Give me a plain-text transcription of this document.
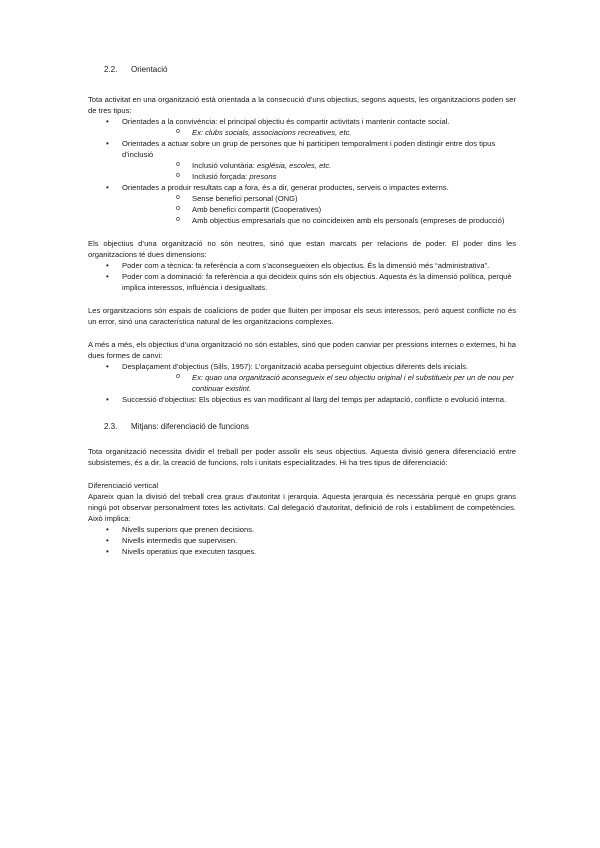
2.2. Orientació

Tota activitat en una organització està orientada a la consecució d’uns objectius, segons aquests, les organitzacions poden ser de tres tipus:

• Orientades a la convivència: el principal objectiu és compartir activitats i mantenir contacte social.
o Ex: clubs socials, associacions recreatives, etc.
• Orientades a actuar sobre un grup de persones que hi participen temporalment i poden distingir entre dos tipus d’inclusió
o Inclusió voluntària: església, escoles, etc.
o Inclusió forçada: presons
• Orientades a produir resultats cap a fora, és a dir, generar productes, serveis o impactes externs.
o Sense benefici personal (ONG)
o Amb benefici compartit (Cooperatives)
o Amb objectius empresarials que no coincideixen amb els personals (empreses de producció)

Els objectius d’una organització no són neutres, sinó que estan marcats per relacions de poder. El poder dins les organitzacions té dues dimensions:

• Poder com a tècnica: fa referència a com s’aconsegueixen els objectius. És la dimensió més “administrativa”.
• Poder com a dominació: fa referència a qui decideix quins són els objectius. Aquesta és la dimensió política, perquè implica interessos, influència i desigualtats.

Les organitzacions són espais de coalicions de poder que lluiten per imposar els seus interessos, però aquest conflicte no és un error, sinó una característica natural de les organitzacions complexes.

A més a més, els objectius d’una organització no són estables, sinó que poden canviar per pressions internes o externes, hi ha dues formes de canvi:

• Desplaçament d’objectius (Sills, 1957): L’organització acaba perseguint objectius diferents dels inicials.
o Ex: quan una organització aconsegueix el seu objectiu original i el substitueix per un de nou per continuar existint.
• Successió d’objectius: Els objectius es van modificant al llarg del temps per adaptació, conflicte o evolució interna.
2.3. Mitjans: diferenciació de funcions

Tota organització necessita dividir el treball per poder assolir els seus objectius. Aquesta divisió genera diferenciació entre subsistemes, és a dir, la creació de funcions, rols i unitats especialitzades. Hi ha tres tipus de diferenciació:

Diferenciació vertical

Apareix quan la divisió del treball crea graus d’autoritat i jerarquia. Aquesta jerarquia és necessària perquè en grups grans ningú pot observar personalment totes les activitats. Cal delegació d’autoritat, definició de rols i establiment de competències. Això implica:

• Nivells superiors que prenen decisions.
• Nivells intermedis que supervisen.
• Nivells operatius que executen tasques.
